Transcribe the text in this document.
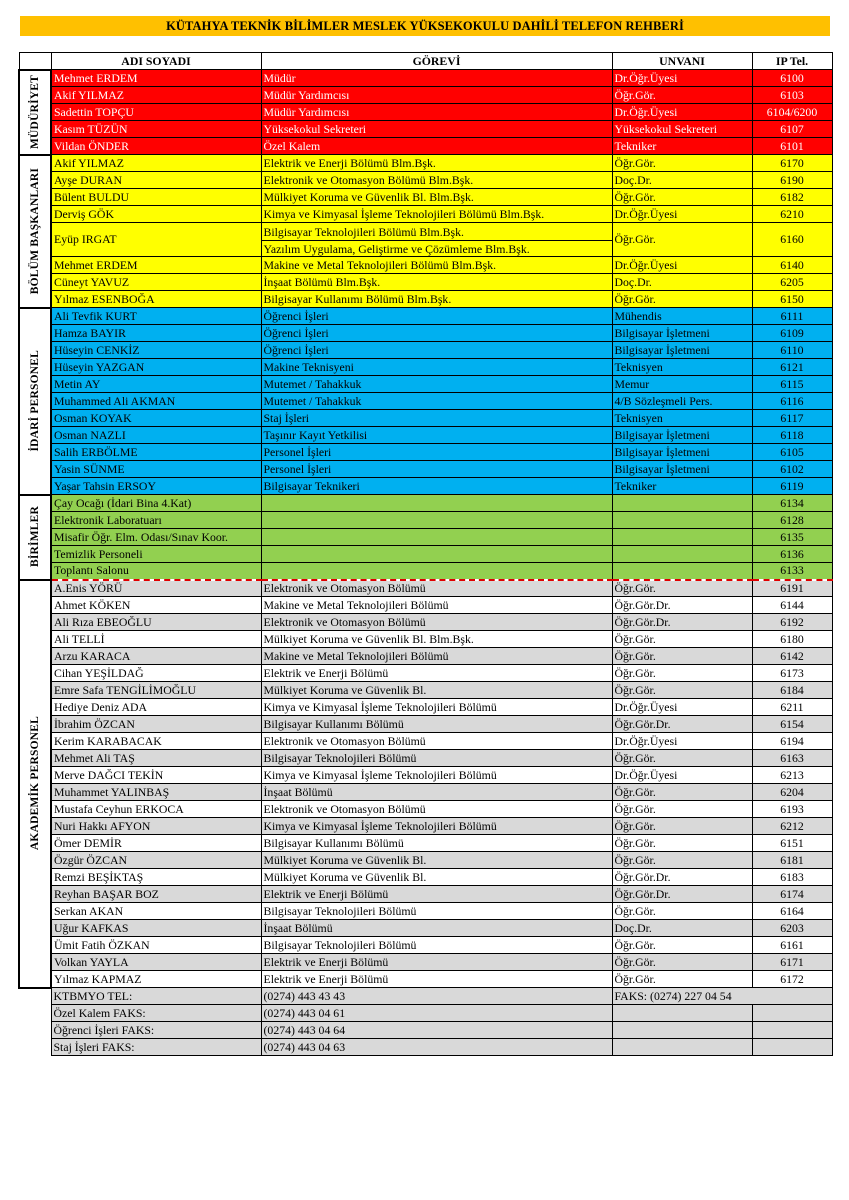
KÜTAHYA TEKNİK BİLİMLER MESLEK YÜKSEKOKULU DAHİLİ TELEFON REHBERİ
	ADI SOYADI	GÖREVİ	UNVANI	IP Tel.

MÜDÜRİYET	Mehmet ERDEM	Müdür	Dr.Öğr.Üyesi	6100
	Akif YILMAZ	Müdür Yardımcısı	Öğr.Gör.	6103
	Sadettin TOPÇU	Müdür Yardımcısı	Dr.Öğr.Üyesi	6104/6200
	Kasım TÜZÜN	Yüksekokul Sekreteri	Yüksekokul Sekreteri	6107
	Vildan ÖNDER	Özel Kalem	Tekniker	6101

BÖLÜM BAŞKANLARI	Akif YILMAZ	Elektrik ve Enerji Bölümü Blm.Bşk.	Öğr.Gör.	6170
	Ayşe DURAN	Elektronik ve Otomasyon Bölümü Blm.Bşk.	Doç.Dr.	6190
	Bülent BULDU	Mülkiyet Koruma ve Güvenlik Bl. Blm.Bşk.	Öğr.Gör.	6182
	Derviş GÖK	Kimya ve Kimyasal İşleme Teknolojileri Bölümü Blm.Bşk.	Dr.Öğr.Üyesi	6210
	Eyüp IRGAT	Bilgisayar Teknolojileri Bölümü Blm.Bşk.
Yazılım Uygulama, Geliştirme ve Çözümleme Blm.Bşk.	Öğr.Gör.	6160
	Mehmet ERDEM	Makine ve Metal Teknolojileri Bölümü Blm.Bşk.	Dr.Öğr.Üyesi	6140
	Cüneyt YAVUZ	İnşaat Bölümü Blm.Bşk.	Doç.Dr.	6205
	Yılmaz ESENBOĞA	Bilgisayar Kullanımı Bölümü Blm.Bşk.	Öğr.Gör.	6150

İDARİ PERSONEL	Ali Tevfik KURT	Öğrenci İşleri	Mühendis	6111
	Hamza BAYIR	Öğrenci İşleri	Bilgisayar İşletmeni	6109
	Hüseyin CENKİZ	Öğrenci İşleri	Bilgisayar İşletmeni	6110
	Hüseyin YAZGAN	Makine Teknisyeni	Teknisyen	6121
	Metin AY	Mutemet / Tahakkuk	Memur	6115
	Muhammed Ali AKMAN	Mutemet / Tahakkuk	4/B Sözleşmeli Pers.	6116
	Osman KOYAK	Staj İşleri	Teknisyen	6117
	Osman NAZLI	Taşınır Kayıt Yetkilisi	Bilgisayar İşletmeni	6118
	Salih ERBÖLME	Personel İşleri	Bilgisayar İşletmeni	6105
	Yasin SÜNME	Personel İşleri	Bilgisayar İşletmeni	6102
	Yaşar Tahsin ERSOY	Bilgisayar Teknikeri	Tekniker	6119

BİRİMLER	Çay Ocağı (İdari Bina 4.Kat)			6134
	Elektronik Laboratuarı			6128
	Misafir Öğr. Elm. Odası/Sınav Koor.			6135
	Temizlik Personeli			6136
	Toplantı Salonu			6133

AKADEMİK PERSONEL	A.Enis YÖRÜ	Elektronik ve Otomasyon Bölümü	Öğr.Gör.	6191
	Ahmet KÖKEN	Makine ve Metal Teknolojileri Bölümü	Öğr.Gör.Dr.	6144
	Ali Rıza EBEOĞLU	Elektronik ve Otomasyon Bölümü	Öğr.Gör.Dr.	6192
	Ali TELLİ	Mülkiyet Koruma ve Güvenlik Bl. Blm.Bşk.	Öğr.Gör.	6180
	Arzu KARACA	Makine ve Metal Teknolojileri Bölümü	Öğr.Gör.	6142
	Cihan YEŞİLDAĞ	Elektrik ve Enerji Bölümü	Öğr.Gör.	6173
	Emre Safa TENGİLİMOĞLU	Mülkiyet Koruma ve Güvenlik Bl.	Öğr.Gör.	6184
	Hediye Deniz ADA	Kimya ve Kimyasal İşleme Teknolojileri Bölümü	Dr.Öğr.Üyesi	6211
	İbrahim ÖZCAN	Bilgisayar Kullanımı Bölümü	Öğr.Gör.Dr.	6154
	Kerim KARABACAK	Elektronik ve Otomasyon Bölümü	Dr.Öğr.Üyesi	6194
	Mehmet Ali TAŞ	Bilgisayar Teknolojileri Bölümü	Öğr.Gör.	6163
	Merve DAĞCI TEKİN	Kimya ve Kimyasal İşleme Teknolojileri Bölümü	Dr.Öğr.Üyesi	6213
	Muhammet YALINBAŞ	İnşaat Bölümü	Öğr.Gör.	6204
	Mustafa Ceyhun ERKOCA	Elektronik ve Otomasyon Bölümü	Öğr.Gör.	6193
	Nuri Hakkı AFYON	Kimya ve Kimyasal İşleme Teknolojileri Bölümü	Öğr.Gör.	6212
	Ömer DEMİR	Bilgisayar Kullanımı Bölümü	Öğr.Gör.	6151
	Özgür ÖZCAN	Mülkiyet Koruma ve Güvenlik Bl.	Öğr.Gör.	6181
	Remzi BEŞİKTAŞ	Mülkiyet Koruma ve Güvenlik Bl.	Öğr.Gör.Dr.	6183
	Reyhan BAŞAR BOZ	Elektrik ve Enerji Bölümü	Öğr.Gör.Dr.	6174
	Serkan AKAN	Bilgisayar Teknolojileri Bölümü	Öğr.Gör.	6164
	Uğur KAFKAS	İnşaat Bölümü	Doç.Dr.	6203
	Ümit Fatih ÖZKAN	Bilgisayar Teknolojileri Bölümü	Öğr.Gör.	6161
	Volkan YAYLA	Elektrik ve Enerji Bölümü	Öğr.Gör.	6171
	Yılmaz KAPMAZ	Elektrik ve Enerji Bölümü	Öğr.Gör.	6172
	KTBMYO TEL:	(0274) 443 43 43	FAKS: (0274) 227 04 54	
	Özel Kalem FAKS:	(0274) 443 04 61		
	Öğrenci İşleri FAKS:	(0274) 443 04 64		
	Staj İşleri FAKS:	(0274) 443 04 63		
